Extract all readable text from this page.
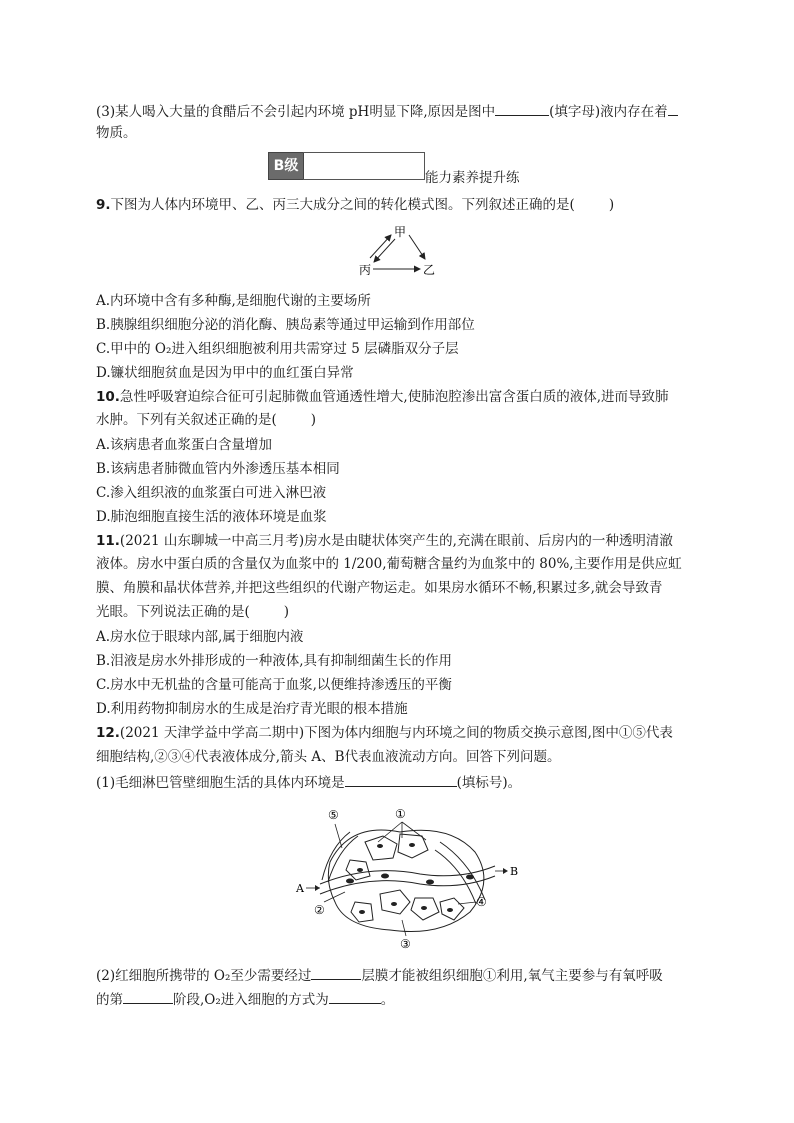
(3)某人喝入大量的食醋后不会引起内环境 pH明显下降,原因是图中	(填字母)液内存在着
物质。
B级
能力素养提升练
9.下图为人体内环境甲、乙、丙三大成分之间的转化模式图。下列叙述正确的是(	)
甲
丙	乙
A.内环境中含有多种酶,是细胞代谢的主要场所
B.胰腺组织细胞分泌的消化酶、胰岛素等通过甲运输到作用部位
C.甲中的 O₂进入组织细胞被利用共需穿过 5 层磷脂双分子层
D.镰状细胞贫血是因为甲中的血红蛋白异常
10.急性呼吸窘迫综合征可引起肺微血管通透性增大,使肺泡腔渗出富含蛋白质的液体,进而导致肺
水肿。下列有关叙述正确的是(	)
A.该病患者血浆蛋白含量增加
B.该病患者肺微血管内外渗透压基本相同
C.渗入组织液的血浆蛋白可进入淋巴液
D.肺泡细胞直接生活的液体环境是血浆
11.(2021 山东聊城一中高三月考)房水是由睫状体突产生的,充满在眼前、后房内的一种透明清澈
液体。房水中蛋白质的含量仅为血浆中的 1/200,葡萄糖含量约为血浆中的 80%,主要作用是供应虹
膜、角膜和晶状体营养,并把这些组织的代谢产物运走。如果房水循环不畅,积累过多,就会导致青
光眼。下列说法正确的是(	)
A.房水位于眼球内部,属于细胞内液
B.泪液是房水外排形成的一种液体,具有抑制细菌生长的作用
C.房水中无机盐的含量可能高于血浆,以便维持渗透压的平衡
D.利用药物抑制房水的生成是治疗青光眼的根本措施
12.(2021 天津学益中学高二期中)下图为体内细胞与内环境之间的物质交换示意图,图中①⑤代表
细胞结构,②③④代表液体成分,箭头 A、B代表血液流动方向。回答下列问题。
(1)毛细淋巴管壁细胞生活的具体内环境是	(填标号)。
⑤	①
A
B
②
④
③
(2)红细胞所携带的 O₂至少需要经过	层膜才能被组织细胞①利用,氧气主要参与有氧呼吸
的第	阶段,O₂进入细胞的方式为	。
